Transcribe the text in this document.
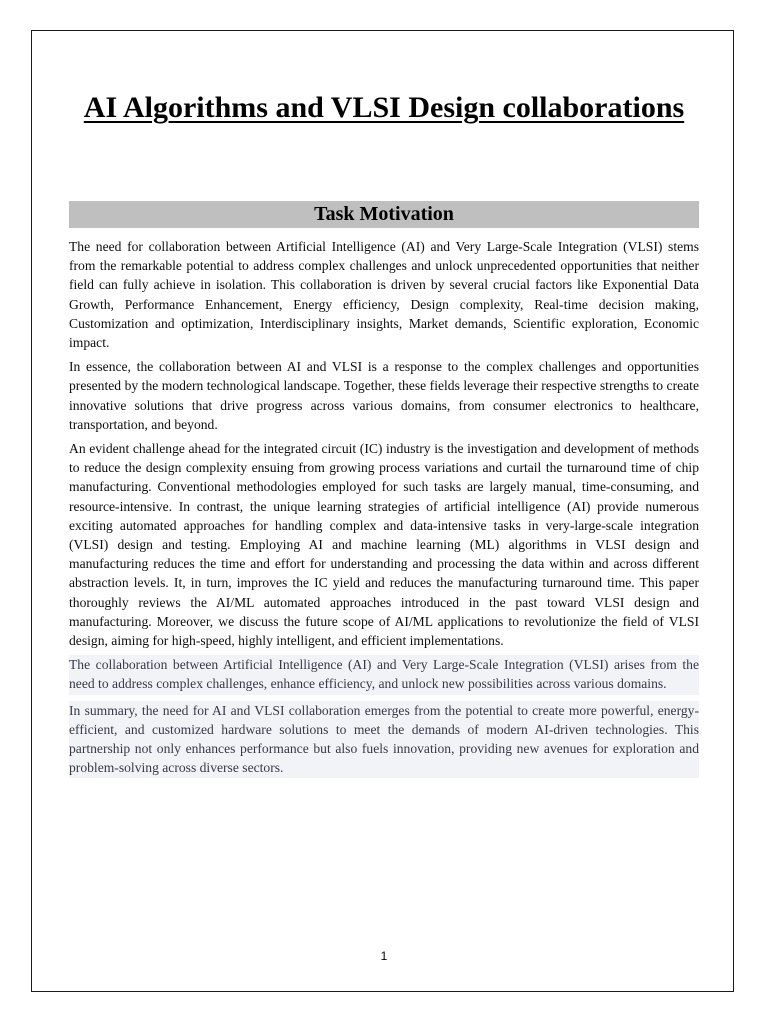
AI Algorithms and VLSI Design collaborations
Task Motivation

The need for collaboration between Artificial Intelligence (AI) and Very Large-Scale Integration (VLSI) stems from the remarkable potential to address complex challenges and unlock unprecedented opportunities that neither field can fully achieve in isolation. This collaboration is driven by several crucial factors like Exponential Data Growth, Performance Enhancement, Energy efficiency, Design complexity, Real-time decision making, Customization and optimization, Interdisciplinary insights, Market demands, Scientific exploration, Economic impact.

In essence, the collaboration between AI and VLSI is a response to the complex challenges and opportunities presented by the modern technological landscape. Together, these fields leverage their respective strengths to create innovative solutions that drive progress across various domains, from consumer electronics to healthcare, transportation, and beyond.

An evident challenge ahead for the integrated circuit (IC) industry is the investigation and development of methods to reduce the design complexity ensuing from growing process variations and curtail the turnaround time of chip manufacturing. Conventional methodologies employed for such tasks are largely manual, time-consuming, and resource-intensive. In contrast, the unique learning strategies of artificial intelligence (AI) provide numerous exciting automated approaches for handling complex and data-intensive tasks in very-large-scale integration (VLSI) design and testing. Employing AI and machine learning (ML) algorithms in VLSI design and manufacturing reduces the time and effort for understanding and processing the data within and across different abstraction levels. It, in turn, improves the IC yield and reduces the manufacturing turnaround time. This paper thoroughly reviews the AI/ML automated approaches introduced in the past toward VLSI design and manufacturing. Moreover, we discuss the future scope of AI/ML applications to revolutionize the field of VLSI design, aiming for high-speed, highly intelligent, and efficient implementations.

The collaboration between Artificial Intelligence (AI) and Very Large-Scale Integration (VLSI) arises from the need to address complex challenges, enhance efficiency, and unlock new possibilities across various domains.

In summary, the need for AI and VLSI collaboration emerges from the potential to create more powerful, energy-efficient, and customized hardware solutions to meet the demands of modern AI-driven technologies. This partnership not only enhances performance but also fuels innovation, providing new avenues for exploration and problem-solving across diverse sectors.

1
